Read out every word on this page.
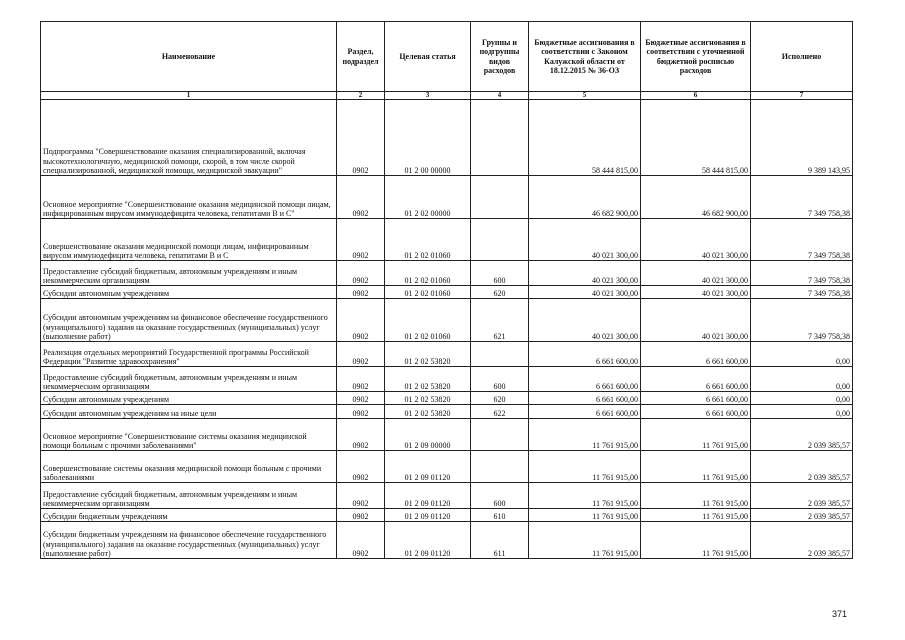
Наименование	Раздел, подраздел	Целевая статья	Группы и подгруппы видов расходов	Бюджетные ассигнования в соответствии с Законом Калужской области от 18.12.2015 № 36-ОЗ	Бюджетные ассигнования в соответствии с уточненной бюджетной росписью расходов	Исполнено
1	2	3	4	5	6	7
Подпрограмма "Совершенствование оказания специализированной, включая высокотехнологичную, медицинской помощи, скорой, в том числе скорой специализированной, медицинской помощи, медицинской эвакуации"	0902	01 2 00 00000		58 444 815,00	58 444 815,00	9 389 143,95
Основное мероприятие "Совершенствование оказания медицинской помощи лицам, инфицированным вирусом иммунодефицита человека, гепатитами В и С"	0902	01 2 02 00000		46 682 900,00	46 682 900,00	7 349 758,38
Совершенствование оказания медицинской помощи лицам, инфицированным вирусом иммунодефицита человека, гепатитами В и С	0902	01 2 02 01060		40 021 300,00	40 021 300,00	7 349 758,38
Предоставление субсидий бюджетным, автономным учреждениям и иным некоммерческим организациям	0902	01 2 02 01060	600	40 021 300,00	40 021 300,00	7 349 758,38
Субсидии автономным учреждениям	0902	01 2 02 01060	620	40 021 300,00	40 021 300,00	7 349 758,38
Субсидии автономным учреждениям на финансовое обеспечение государственного (муниципального) задания на оказание государственных (муниципальных) услуг (выполнение работ)	0902	01 2 02 01060	621	40 021 300,00	40 021 300,00	7 349 758,38
Реализация отдельных мероприятий Государственной программы Российской Федерации "Развитие здравоохранения"	0902	01 2 02 53820		6 661 600,00	6 661 600,00	0,00
Предоставление субсидий бюджетным, автономным учреждениям и иным некоммерческим организациям	0902	01 2 02 53820	600	6 661 600,00	6 661 600,00	0,00
Субсидии автономным учреждениям	0902	01 2 02 53820	620	6 661 600,00	6 661 600,00	0,00
Субсидии автономным учреждениям на иные цели	0902	01 2 02 53820	622	6 661 600,00	6 661 600,00	0,00
Основное мероприятие "Совершенствование системы оказания медицинской помощи больным с прочими заболеваниями"	0902	01 2 09 00000		11 761 915,00	11 761 915,00	2 039 385,57
Совершенствование системы оказания медицинской помощи больным с прочими заболеваниями	0902	01 2 09 01120		11 761 915,00	11 761 915,00	2 039 385,57
Предоставление субсидий бюджетным, автономным учреждениям и иным некоммерческим организациям	0902	01 2 09 01120	600	11 761 915,00	11 761 915,00	2 039 385,57
Субсидии бюджетным учреждениям	0902	01 2 09 01120	610	11 761 915,00	11 761 915,00	2 039 385,57
Субсидии бюджетным учреждениям на финансовое обеспечение государственного (муниципального) задания на оказание государственных (муниципальных) услуг (выполнение работ)	0902	01 2 09 01120	611	11 761 915,00	11 761 915,00	2 039 385,57
371
